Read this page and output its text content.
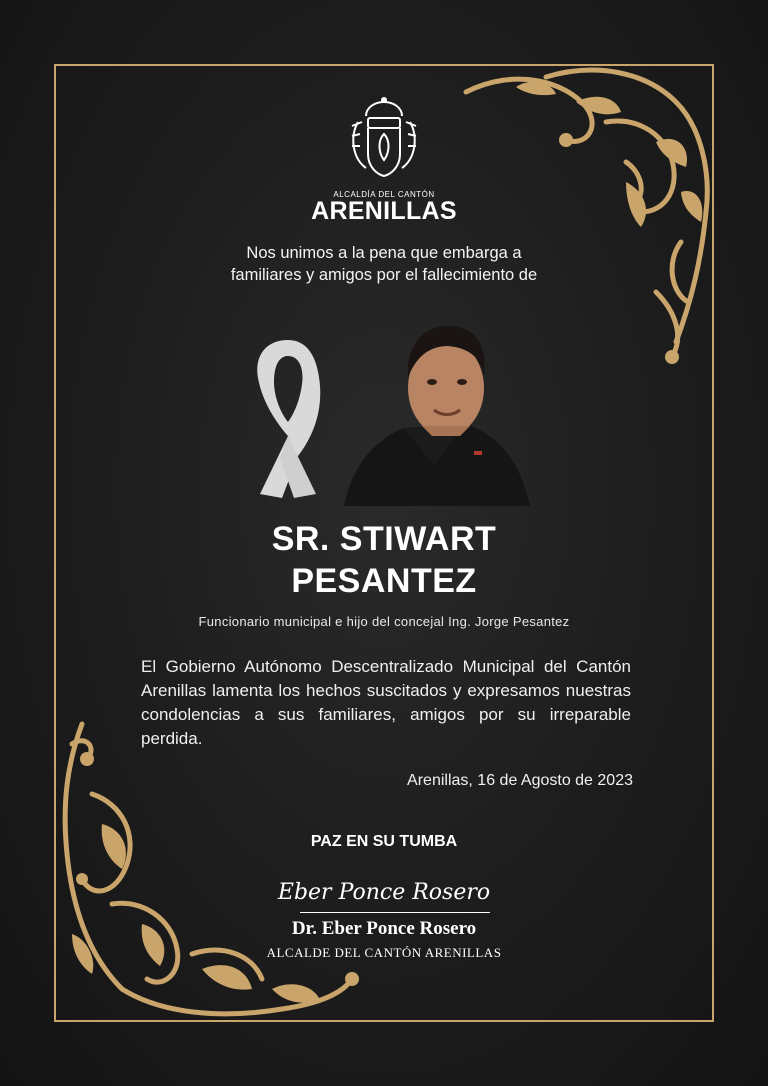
ALCALDÍA DEL CANTÓN
ARENILLAS
Nos unimos a la pena que embarga a
familiares y amigos por el fallecimiento de
SR. STIWART
PESANTEZ
Funcionario municipal e hijo del concejal Ing. Jorge Pesantez
El Gobierno Autónomo Descentralizado Municipal del Cantón Arenillas lamenta los hechos suscitados y expresamos nuestras condolencias a sus familiares, amigos por su irreparable perdida.
Arenillas, 16 de Agosto de 2023
PAZ EN SU TUMBA
Eber Ponce Rosero
Dr. Eber Ponce Rosero
ALCALDE DEL CANTÓN ARENILLAS
